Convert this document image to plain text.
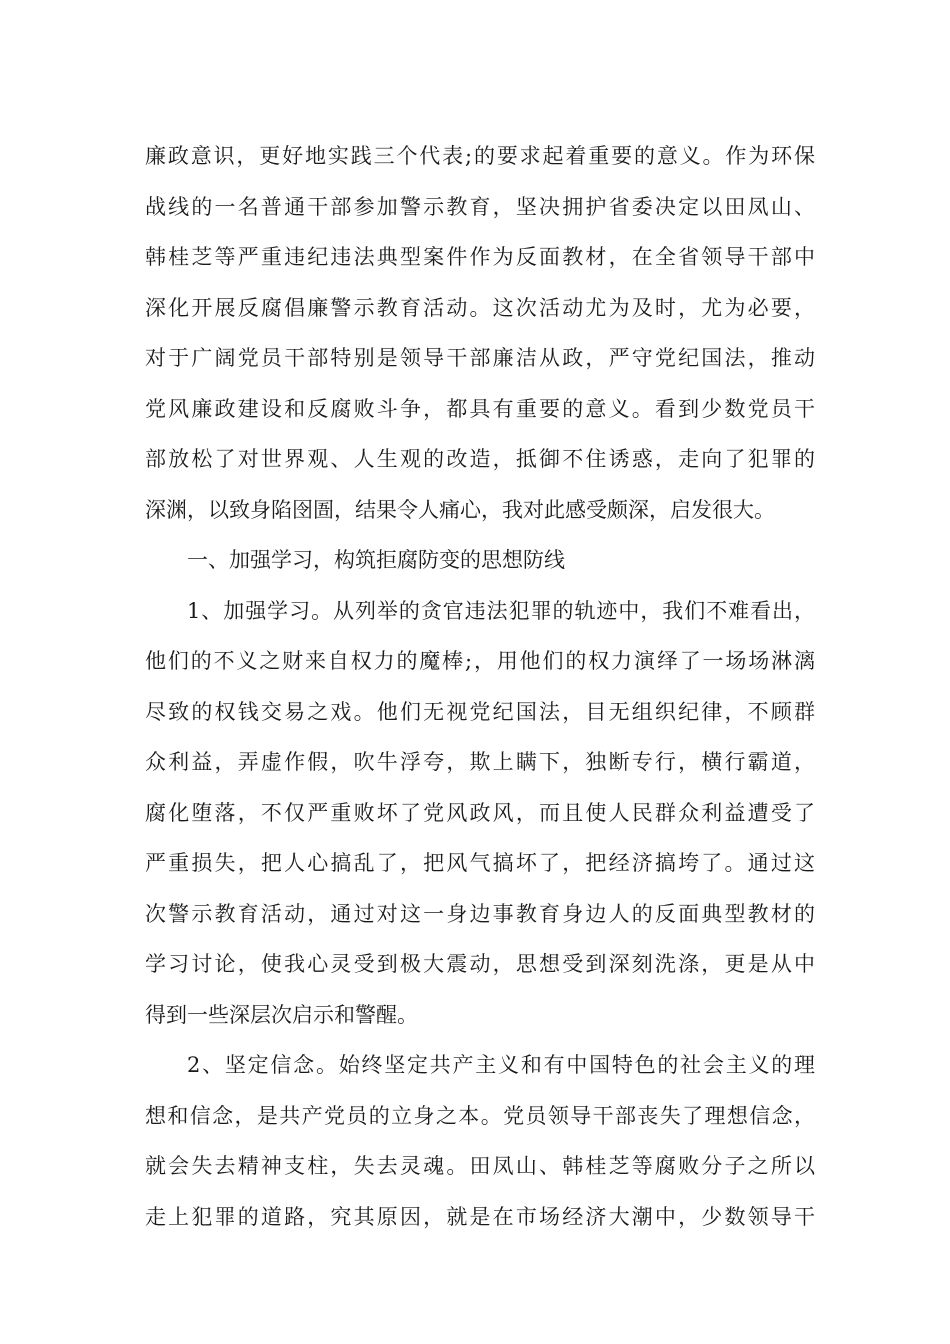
廉政意识，更好地实践三个代表;的要求起着重要的意义。作为环保
战线的一名普通干部参加警示教育，坚决拥护省委决定以田凤山、
韩桂芝等严重违纪违法典型案件作为反面教材，在全省领导干部中
深化开展反腐倡廉警示教育活动。这次活动尤为及时，尤为必要，
对于广阔党员干部特别是领导干部廉洁从政，严守党纪国法，推动
党风廉政建设和反腐败斗争，都具有重要的意义。看到少数党员干
部放松了对世界观、人生观的改造，抵御不住诱惑，走向了犯罪的
深渊，以致身陷囹圄，结果令人痛心，我对此感受颇深，启发很大。
一、加强学习，构筑拒腐防变的思想防线
1、加强学习。从列举的贪官违法犯罪的轨迹中，我们不难看出，
他们的不义之财来自权力的魔棒;，用他们的权力演绎了一场场淋漓
尽致的权钱交易之戏。他们无视党纪国法，目无组织纪律，不顾群
众利益，弄虚作假，吹牛浮夸，欺上瞒下，独断专行，横行霸道，
腐化堕落，不仅严重败坏了党风政风，而且使人民群众利益遭受了
严重损失，把人心搞乱了，把风气搞坏了，把经济搞垮了。通过这
次警示教育活动，通过对这一身边事教育身边人的反面典型教材的
学习讨论，使我心灵受到极大震动，思想受到深刻洗涤，更是从中
得到一些深层次启示和警醒。
2、坚定信念。始终坚定共产主义和有中国特色的社会主义的理
想和信念，是共产党员的立身之本。党员领导干部丧失了理想信念，
就会失去精神支柱，失去灵魂。田凤山、韩桂芝等腐败分子之所以
走上犯罪的道路，究其原因，就是在市场经济大潮中，少数领导干
